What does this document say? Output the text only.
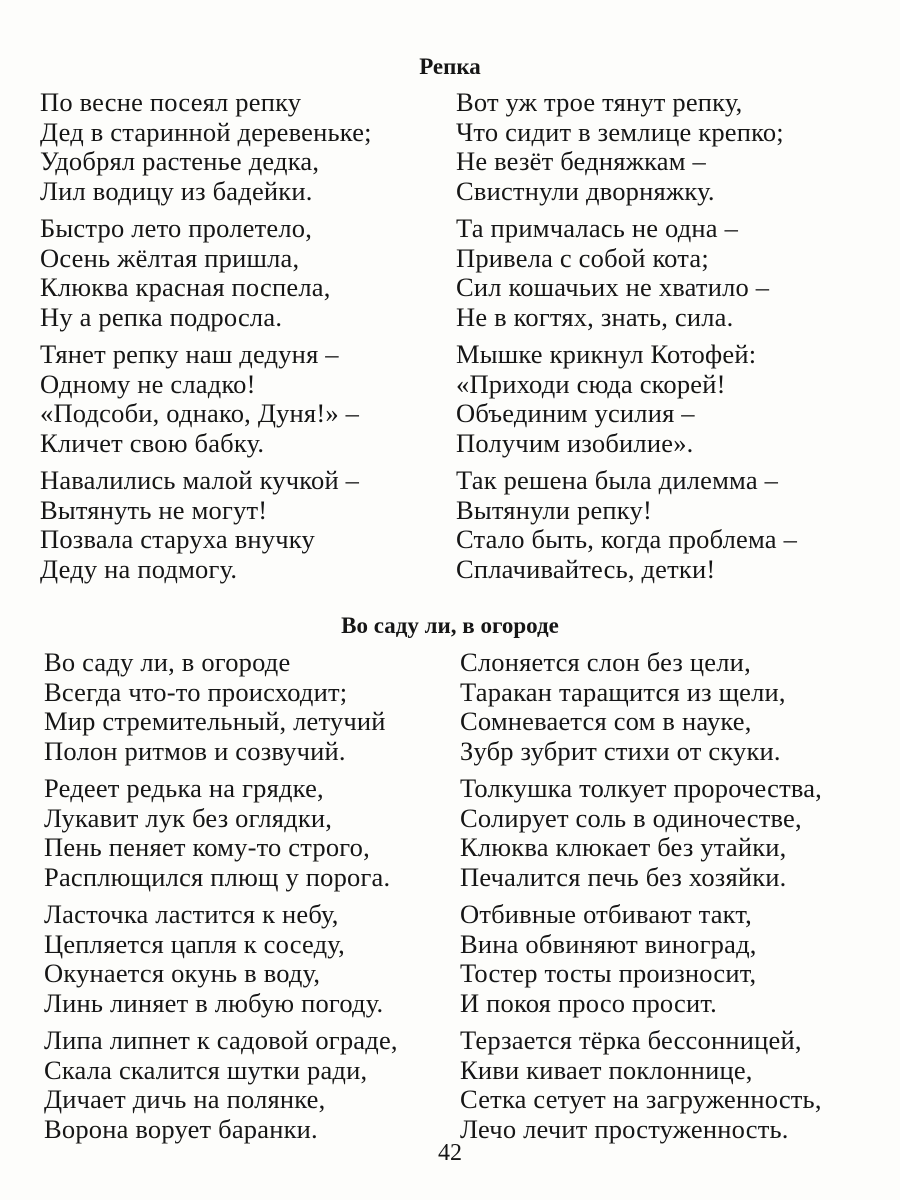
Репка
По весне посеял репку
Дед в старинной деревеньке;
Удобрял растенье дедка,
Лил водицу из бадейки.
Быстро лето пролетело,
Осень жёлтая пришла,
Клюква красная поспела,
Ну а репка подросла.
Тянет репку наш дедуня –
Одному не сладко!
«Подсоби, однако, Дуня!» –
Кличет свою бабку.
Навалились малой кучкой –
Вытянуть не могут!
Позвала старуха внучку
Деду на подмогу.
Вот уж трое тянут репку,
Что сидит в землице крепко;
Не везёт бедняжкам –
Свистнули дворняжку.
Та примчалась не одна –
Привела с собой кота;
Сил кошачьих не хватило –
Не в когтях, знать, сила.
Мышке крикнул Котофей:
«Приходи сюда скорей!
Объединим усилия –
Получим изобилие».
Так решена была дилемма –
Вытянули репку!
Стало быть, когда проблема –
Сплачивайтесь, детки!
Во саду ли, в огороде
Во саду ли, в огороде
Всегда что-то происходит;
Мир стремительный, летучий
Полон ритмов и созвучий.
Редеет редька на грядке,
Лукавит лук без оглядки,
Пень пеняет кому-то строго,
Расплющился плющ у порога.
Ласточка ластится к небу,
Цепляется цапля к соседу,
Окунается окунь в воду,
Линь линяет в любую погоду.
Липа липнет к садовой ограде,
Скала скалится шутки ради,
Дичает дичь на полянке,
Ворона ворует баранки.
Слоняется слон без цели,
Таракан таращится из щели,
Сомневается сом в науке,
Зубр зубрит стихи от скуки.
Толкушка толкует пророчества,
Солирует соль в одиночестве,
Клюква клюкает без утайки,
Печалится печь без хозяйки.
Отбивные отбивают такт,
Вина обвиняют виноград,
Тостер тосты произносит,
И покоя просо просит.
Терзается тёрка бессонницей,
Киви кивает поклоннице,
Сетка сетует на загруженность,
Лечо лечит простуженность.
42
